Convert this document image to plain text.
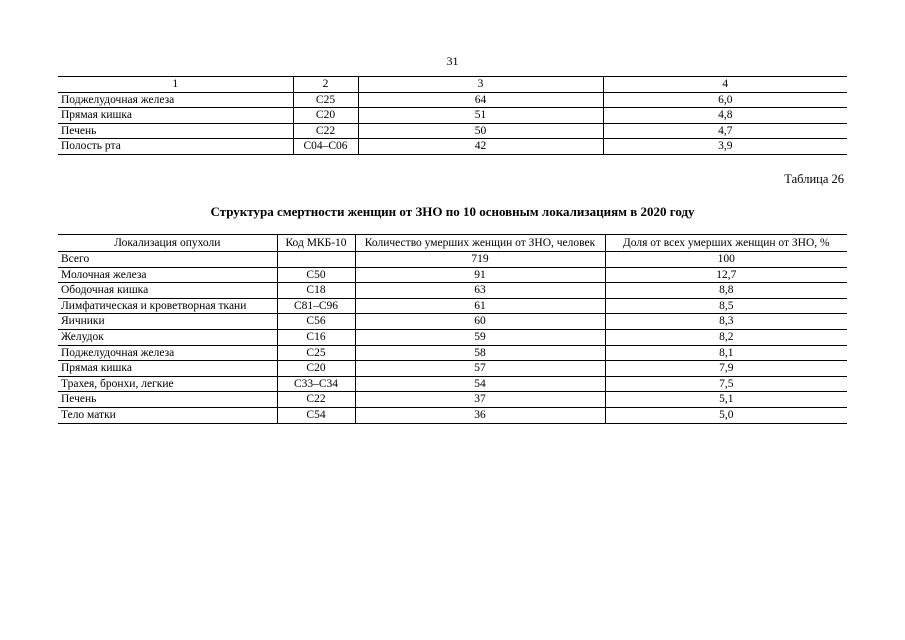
31
1	2	3	4
Поджелудочная железа	C25	64	6,0
Прямая кишка	C20	51	4,8
Печень	C22	50	4,7
Полость рта	C04–C06	42	3,9
Таблица 26
Структура смертности женщин от ЗНО по 10 основным локализациям в 2020 году
Локализация опухоли	Код МКБ-10	Количество умерших женщин от ЗНО, человек	Доля от всех умерших женщин от ЗНО, %
Всего		719	100
Молочная железа	C50	91	12,7
Ободочная кишка	C18	63	8,8
Лимфатическая и кроветворная ткани	C81–C96	61	8,5
Яичники	C56	60	8,3
Желудок	C16	59	8,2
Поджелудочная железа	C25	58	8,1
Прямая кишка	C20	57	7,9
Трахея, бронхи, легкие	C33–C34	54	7,5
Печень	C22	37	5,1
Тело матки	C54	36	5,0
